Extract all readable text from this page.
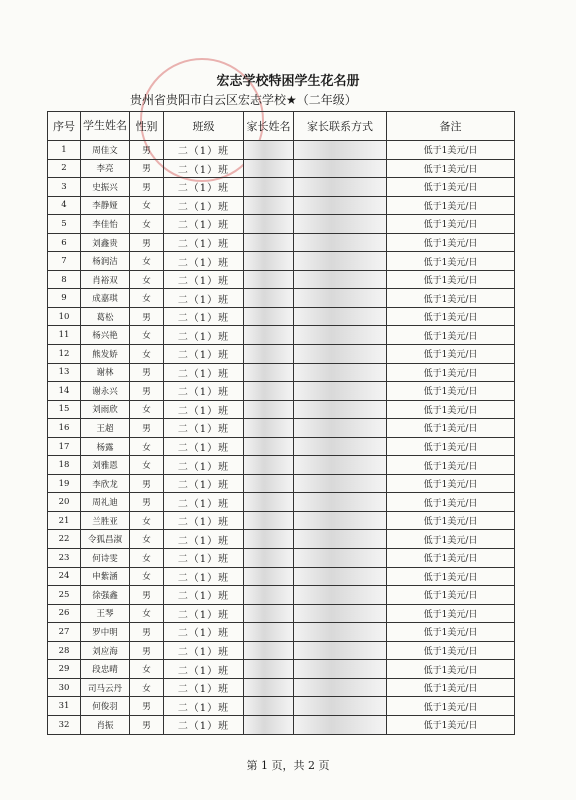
宏志学校特困学生花名册
贵州省贵阳市白云区宏志学校★（二年级）
序号	学生姓名	性别	班级	家长姓名	家长联系方式	备注
1	周佳文	男	二（1）班			低于1美元/日
2	李亮	男	二（1）班			低于1美元/日
3	史振兴	男	二（1）班			低于1美元/日
4	李静娅	女	二（1）班			低于1美元/日
5	李佳怡	女	二（1）班			低于1美元/日
6	刘鑫贵	男	二（1）班			低于1美元/日
7	杨润洁	女	二（1）班			低于1美元/日
8	肖裕双	女	二（1）班			低于1美元/日
9	成嘉琪	女	二（1）班			低于1美元/日
10	葛松	男	二（1）班			低于1美元/日
11	杨兴艳	女	二（1）班			低于1美元/日
12	熊发娇	女	二（1）班			低于1美元/日
13	谢林	男	二（1）班			低于1美元/日
14	谢永兴	男	二（1）班			低于1美元/日
15	刘雨欣	女	二（1）班			低于1美元/日
16	王超	男	二（1）班			低于1美元/日
17	杨露	女	二（1）班			低于1美元/日
18	刘雅恩	女	二（1）班			低于1美元/日
19	李欣龙	男	二（1）班			低于1美元/日
20	周礼迪	男	二（1）班			低于1美元/日
21	兰胜亚	女	二（1）班			低于1美元/日
22	令狐昌淑	女	二（1）班			低于1美元/日
23	何诗雯	女	二（1）班			低于1美元/日
24	申紫涵	女	二（1）班			低于1美元/日
25	徐强鑫	男	二（1）班			低于1美元/日
26	王琴	女	二（1）班			低于1美元/日
27	罗中明	男	二（1）班			低于1美元/日
28	刘应海	男	二（1）班			低于1美元/日
29	段忠晴	女	二（1）班			低于1美元/日
30	司马云丹	女	二（1）班			低于1美元/日
31	何俊羽	男	二（1）班			低于1美元/日
32	肖振	男	二（1）班			低于1美元/日
第 1 页，共 2 页
